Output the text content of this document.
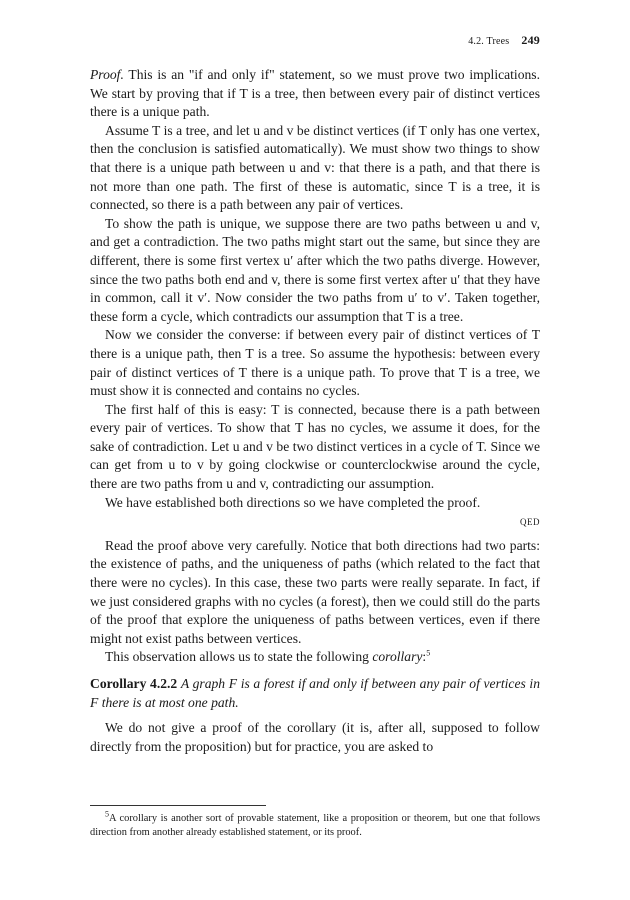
4.2. Trees 249

Proof. This is an "if and only if" statement, so we must prove two implications. We start by proving that if T is a tree, then between every pair of distinct vertices there is a unique path.

Assume T is a tree, and let u and v be distinct vertices (if T only has one vertex, then the conclusion is satisfied automatically). We must show two things to show that there is a unique path between u and v: that there is a path, and that there is not more than one path. The first of these is automatic, since T is a tree, it is connected, so there is a path between any pair of vertices.

To show the path is unique, we suppose there are two paths between u and v, and get a contradiction. The two paths might start out the same, but since they are different, there is some first vertex u′ after which the two paths diverge. However, since the two paths both end and v, there is some first vertex after u′ that they have in common, call it v′. Now consider the two paths from u′ to v′. Taken together, these form a cycle, which contradicts our assumption that T is a tree.

Now we consider the converse: if between every pair of distinct vertices of T there is a unique path, then T is a tree. So assume the hypothesis: between every pair of distinct vertices of T there is a unique path. To prove that T is a tree, we must show it is connected and contains no cycles.

The first half of this is easy: T is connected, because there is a path between every pair of vertices. To show that T has no cycles, we assume it does, for the sake of contradiction. Let u and v be two distinct vertices in a cycle of T. Since we can get from u to v by going clockwise or counterclockwise around the cycle, there are two paths from u and v, contradicting our assumption.

We have established both directions so we have completed the proof.

QED

Read the proof above very carefully. Notice that both directions had two parts: the existence of paths, and the uniqueness of paths (which related to the fact that there were no cycles). In this case, these two parts were really separate. In fact, if we just considered graphs with no cycles (a forest), then we could still do the parts of the proof that explore the uniqueness of paths between vertices, even if there might not exist paths between vertices.

This observation allows us to state the following corollary:$^5$

Corollary 4.2.2 A graph F is a forest if and only if between any pair of vertices in F there is at most one path.

We do not give a proof of the corollary (it is, after all, supposed to follow directly from the proposition) but for practice, you are asked to

$^5$A corollary is another sort of provable statement, like a proposition or theorem, but one that follows direction from another already established statement, or its proof.
